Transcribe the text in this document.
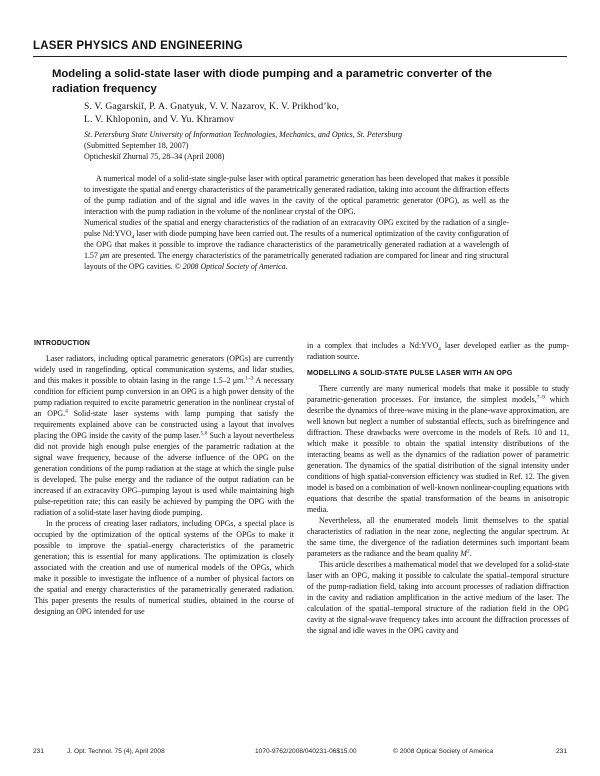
LASER PHYSICS AND ENGINEERING
Modeling a solid-state laser with diode pumping and a parametric converter of the radiation frequency
S. V. Gagarskiĭ, P. A. Gnatyuk, V. V. Nazarov, K. V. Prikhod’ko,
L. V. Khloponin, and V. Yu. Khramov
St. Petersburg State University of Information Technologies, Mechanics, and Optics, St. Petersburg
(Submitted September 18, 2007)
Opticheskiĭ Zhurnal 75, 28–34 (April 2008)

A numerical model of a solid-state single-pulse laser with optical parametric generation has been developed that makes it possible to investigate the spatial and energy characteristics of the parametrically generated radiation, taking into account the diffraction effects of the pump radiation and of the signal and idle waves in the cavity of the optical parametric generator (OPG), as well as the interaction with the pump radiation in the volume of the nonlinear crystal of the OPG.

Numerical studies of the spatial and energy characteristics of the radiation of an extracavity OPG excited by the radiation of a single-pulse $Nd:YVO_4$ laser with diode pumping have been carried out. The results of a numerical optimization of the cavity configuration of the OPG that makes it possible to improve the radiance characteristics of the parametrically generated radiation at a wavelength of 1.57 μm are presented. The energy characteristics of the parametrically generated radiation are compared for linear and ring structural layouts of the OPG cavities. © 2008 Optical Society of America.

INTRODUCTION

Laser radiators, including optical parametric generators (OPGs) are currently widely used in rangefinding, optical communication systems, and lidar studies, and this makes it possible to obtain lasing in the range 1.5–2 μm.$^{1-3}$ A necessary condition for efficient pump conversion in an OPG is a high power density of the pump radiation required to excite parametric generation in the nonlinear crystal of an OPG.$^4$ Solid-state laser systems with lamp pumping that satisfy the requirements explained above can be constructed using a layout that involves placing the OPG inside the cavity of the pump laser.$^{5,6}$ Such a layout nevertheless did not provide high enough pulse energies of the parametric radiation at the signal wave frequency, because of the adverse influence of the OPG on the generation conditions of the pump radiation at the stage at which the single pulse is developed. The pulse energy and the radiance of the output radiation can be increased if an extracavity OPG–pumping layout is used while maintaining high pulse-repetition rate; this can easily be achieved by pumping the OPG with the radiation of a solid-state laser having diode pumping.

In the process of creating laser radiators, including OPGs, a special place is occupied by the optimization of the optical systems of the OPGs to make it possible to improve the spatial–energy characteristics of the parametric generation; this is essential for many applications. The optimization is closely associated with the creation and use of numerical models of the OPGs, which make it possible to investigate the influence of a number of physical factors on the spatial and energy characteristics of the parametrically generated radiation. This paper presents the results of numerical studies, obtained in the course of designing an OPG intended for use

in a complex that includes a $Nd:YVO_4$ laser developed earlier as the pump-radiation source.

MODELLING A SOLID-STATE PULSE LASER WITH AN OPG

There currently are many numerical models that make it possible to study parametric-generation processes. For instance, the simplest models,$^{7-9}$ which describe the dynamics of three-wave mixing in the plane-wave approximation, are well known but neglect a number of substantial effects, such as birefringence and diffraction. These drawbacks were overcome in the models of Refs. 10 and 11, which make it possible to obtain the spatial intensity distributions of the interacting beams as well as the dynamics of the radiation power of parametric generation. The dynamics of the spatial distribution of the signal intensity under conditions of high spatial-conversion efficiency was studied in Ref. 12. The given model is based on a combination of well-known nonlinear-coupling equations with equations that describe the spatial transformation of the beams in anisotropic media.

Nevertheless, all the enumerated models limit themselves to the spatial characteristics of radiation in the near zone, neglecting the angular spectrum. At the same time, the divergence of the radiation determines such important beam parameters as the radiance and the beam quality $M^2$.

This article describes a mathematical model that we developed for a solid-state laser with an OPG, making it possible to calculate the spatial–temporal structure of the pump-radiation field, taking into account processes of radiation diffraction in the cavity and radiation amplification in the active medium of the laser. The calculation of the spatial–temporal structure of the radiation field in the OPG cavity at the signal-wave frequency takes into account the diffraction processes of the signal and idle waves in the OPG cavity and

231	J. Opt. Technol. 75 (4), April 2008	1070-9762/2008/040231-06$15.00	© 2008 Optical Society of America	231
